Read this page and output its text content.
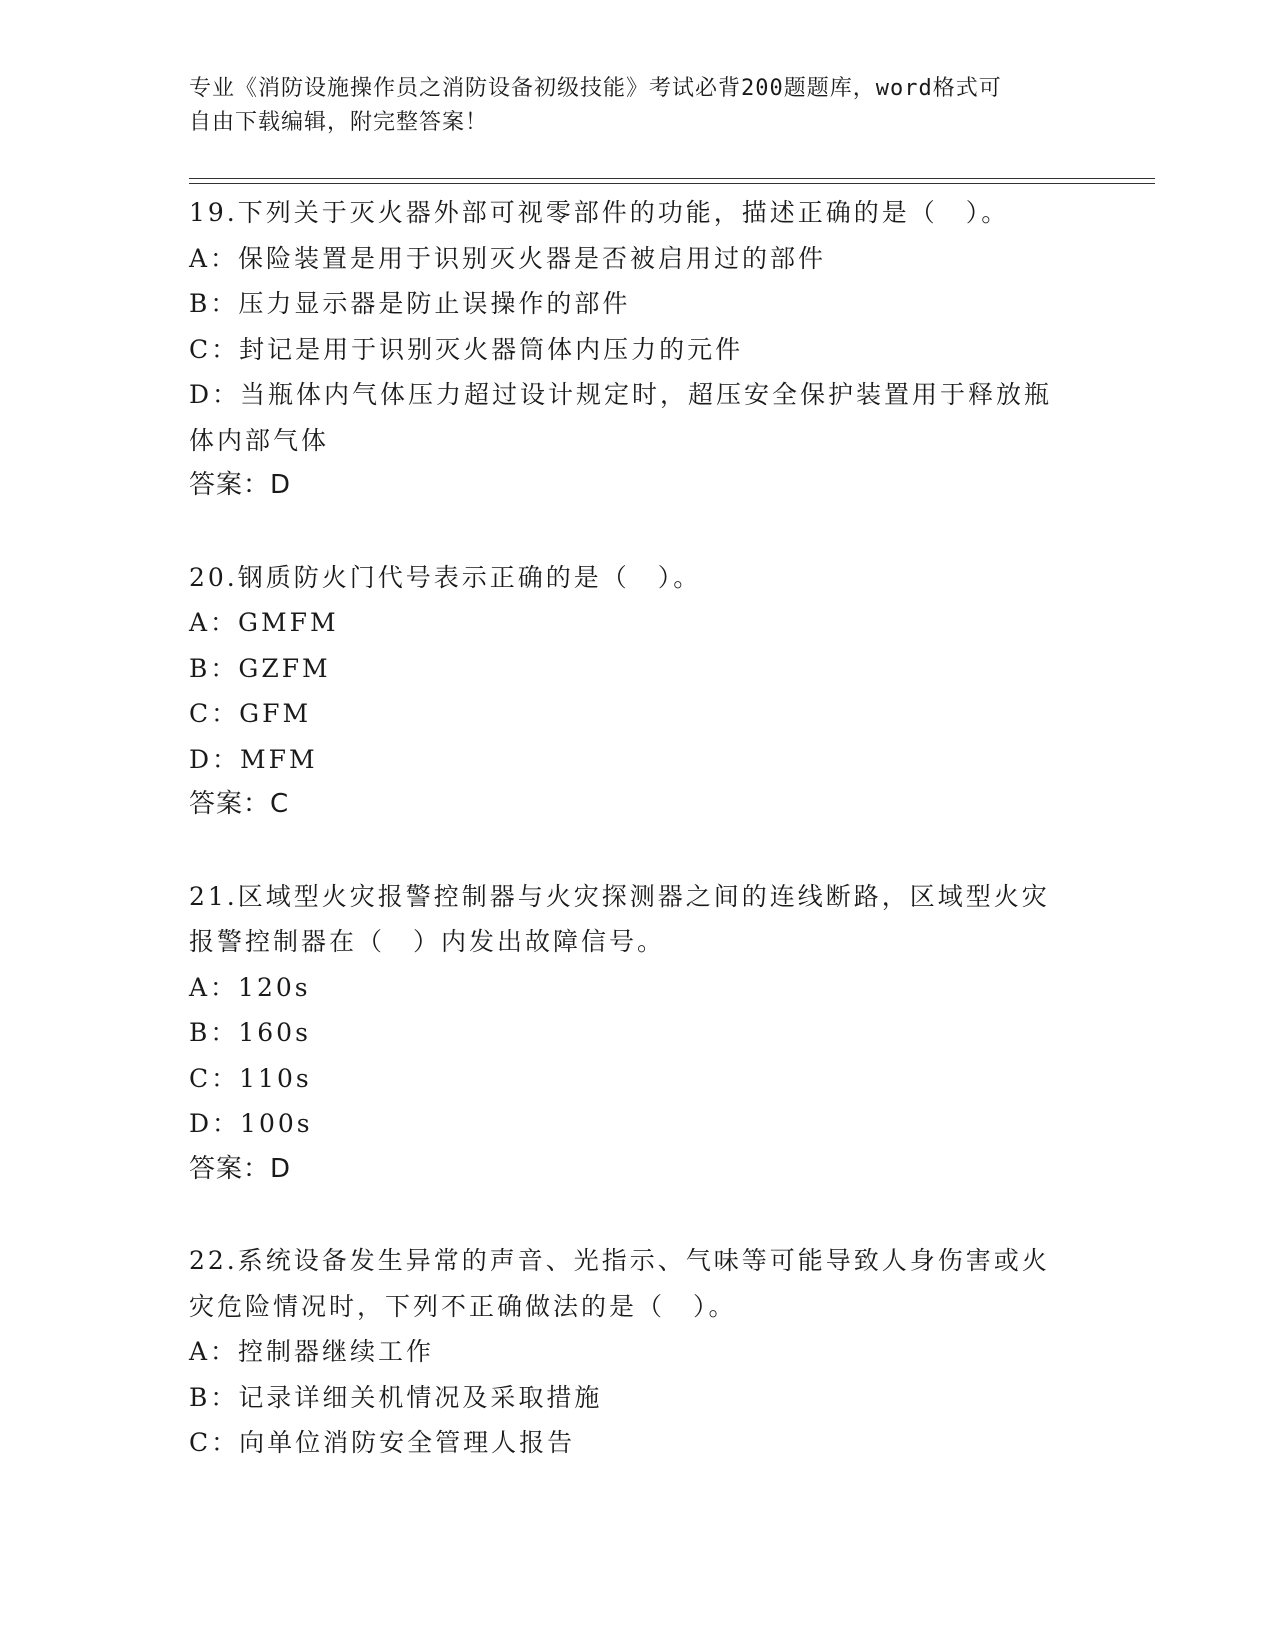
专业《消防设施操作员之消防设备初级技能》考试必背200题题库，word格式可
自由下载编辑，附完整答案！
19.下列关于灭火器外部可视零部件的功能，描述正确的是（　）。
A：保险装置是用于识别灭火器是否被启用过的部件
B：压力显示器是防止误操作的部件
C：封记是用于识别灭火器筒体内压力的元件
D：当瓶体内气体压力超过设计规定时，超压安全保护装置用于释放瓶
体内部气体
答案：D
20.钢质防火门代号表示正确的是（　）。
A：GMFM
B：GZFM
C：GFM
D：MFM
答案：C
21.区域型火灾报警控制器与火灾探测器之间的连线断路，区域型火灾
报警控制器在（　）内发出故障信号。
A：120s
B：160s
C：110s
D：100s
答案：D
22.系统设备发生异常的声音、光指示、气味等可能导致人身伤害或火
灾危险情况时，下列不正确做法的是（　）。
A：控制器继续工作
B：记录详细关机情况及采取措施
C：向单位消防安全管理人报告
